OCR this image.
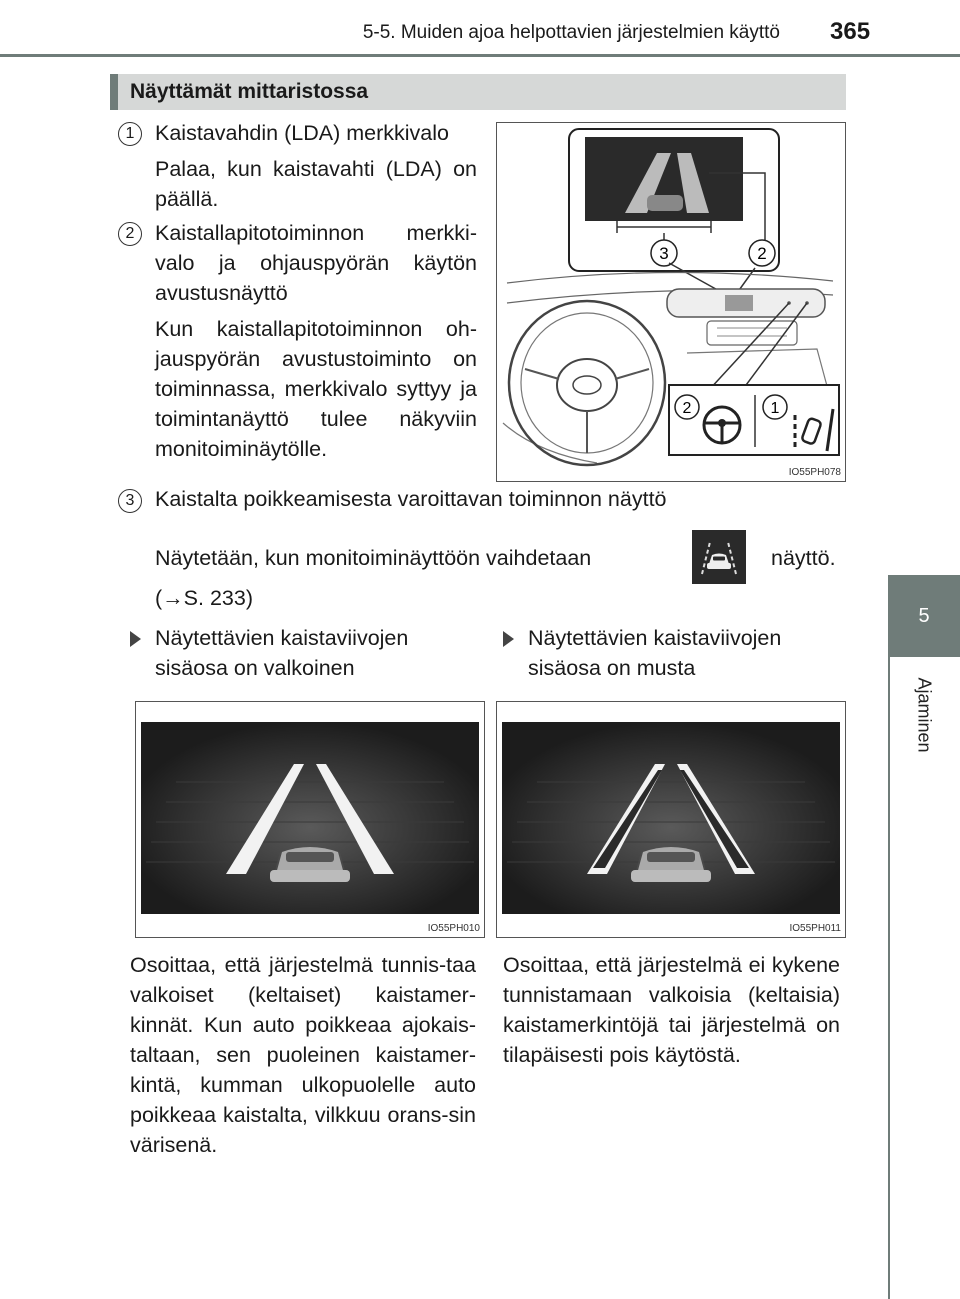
5-5. Muiden ajoa helpottavien järjestelmien käyttö 365
5
Ajaminen
Näyttämät mittaristossa
1 Kaistavahdin (LDA) merkkivalo
Palaa, kun kaistavahti (LDA) on päällä.
2 Kaistallapitotoiminnon merkki-valo ja ohjauspyörän käytön avustusnäyttö
Kun kaistallapitotoiminnon oh-jauspyörän avustustoiminto on toiminnassa, merkkivalo syttyy ja toimintanäyttö tulee näkyviin monitoiminäytölle.
3	2
2	1
IO55PH078
3 Kaistalta poikkeamisesta varoittavan toiminnon näyttö
Näytetään, kun monitoiminäyttöön vaihdetaan	näyttö.
(→S. 233)
Näytettävien kaistaviivojen sisäosa on valkoinen
Näytettävien kaistaviivojen sisäosa on musta
IO55PH010	IO55PH011
Osoittaa, että järjestelmä tunnis-taa valkoiset (keltaiset) kaistamer-kinnät. Kun auto poikkeaa ajokais-taltaan, sen puoleinen kaistamer-kintä, kumman ulkopuolelle auto poikkeaa kaistalta, vilkkuu orans-sin värisenä.
Osoittaa, että järjestelmä ei kykene tunnistamaan valkoisia (keltaisia) kaistamerkintöjä tai järjestelmä on tilapäisesti pois käytöstä.
